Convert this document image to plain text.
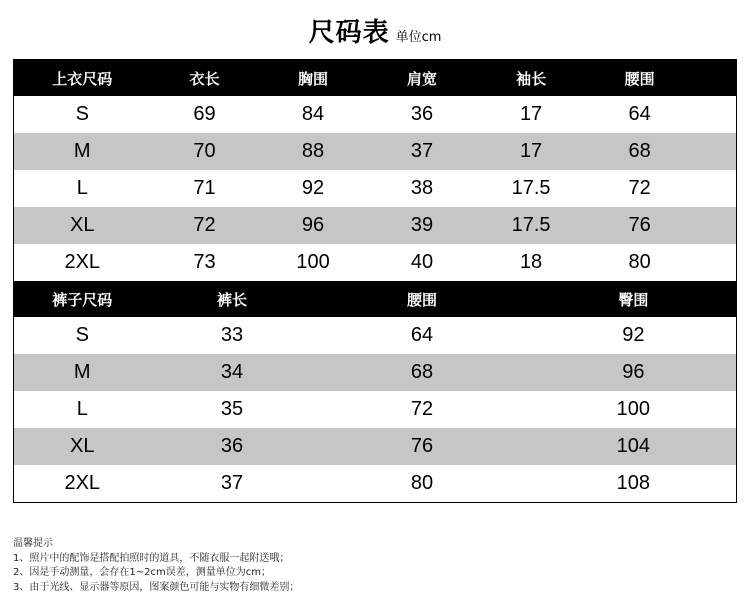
尺码表 单位cm
上衣尺码	衣长	胸围		肩宽	袖长		腰围	
S	69	84		36	17		64	
M	70	88		37	17		68	
L	71	92		38	17.5		72	
XL	72	96		39	17.5		76	
2XL	73	100		40	18		80	
裤子尺码	裤长		腰围			臀围		
S	33		64			92		
M	34		68			96		
L	35		72			100		
XL	36		76			104		
2XL	37		80			108		
温馨提示
1、照片中的配饰是搭配拍照时的道具，不随衣服一起附送哦；
2、因是手动测量，会存在1~2cm误差，测量单位为cm；
3、由于光线、显示器等原因，图案颜色可能与实物有细微差别；
